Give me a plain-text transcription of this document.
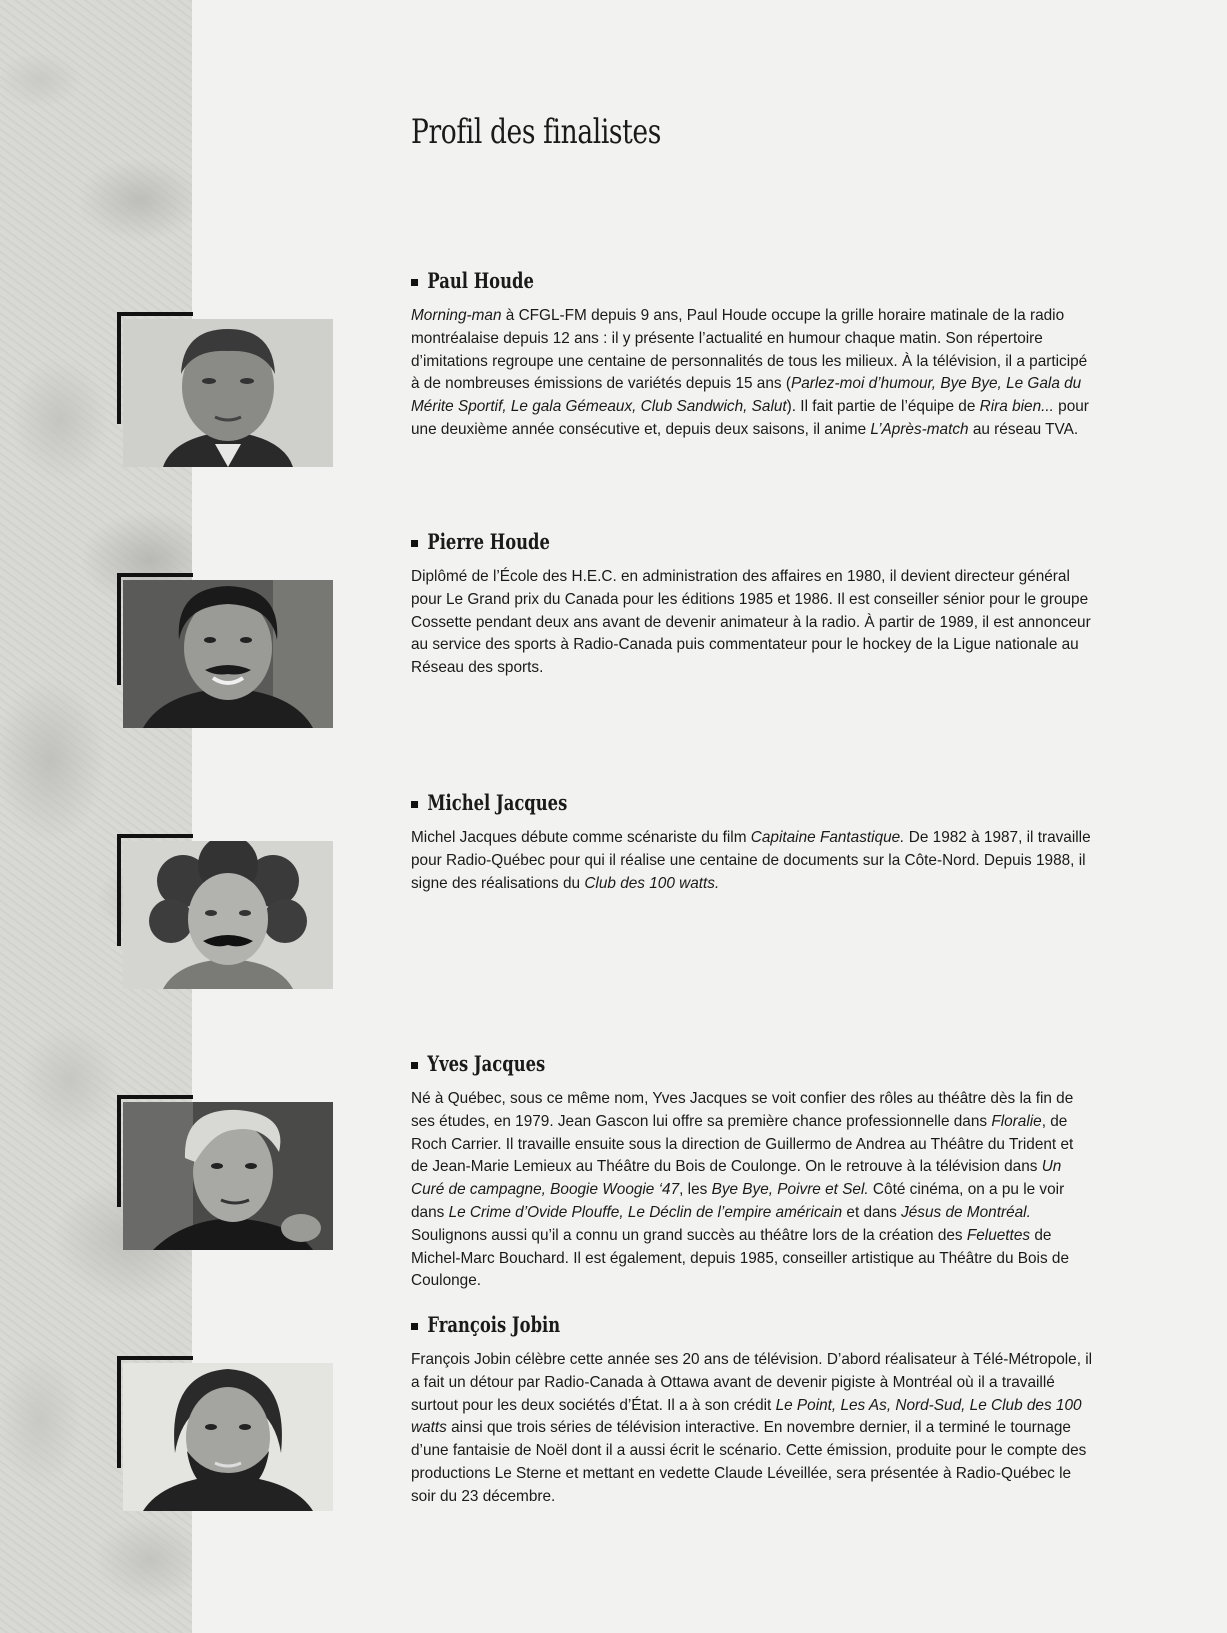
Profil des finalistes
Paul Houde

Morning-man à CFGL-FM depuis 9 ans, Paul Houde occupe la grille horaire matinale de la radio montréalaise depuis 12 ans : il y présente l’actualité en humour chaque matin. Son répertoire d’imitations regroupe une centaine de personnalités de tous les milieux. À la télévision, il a participé à de nombreuses émissions de variétés depuis 15 ans (Parlez-moi d’humour, Bye Bye, Le Gala du Mérite Sportif, Le gala Gémeaux, Club Sandwich, Salut). Il fait partie de l’équipe de Rira bien... pour une deuxième année consécutive et, depuis deux saisons, il anime L’Après-match au réseau TVA.

Pierre Houde

Diplômé de l’École des H.E.C. en administration des affaires en 1980, il devient directeur général pour Le Grand prix du Canada pour les éditions 1985 et 1986. Il est conseiller sénior pour le groupe Cossette pendant deux ans avant de devenir animateur à la radio. À partir de 1989, il est annonceur au service des sports à Radio-Canada puis commentateur pour le hockey de la Ligue nationale au Réseau des sports.

Michel Jacques

Michel Jacques débute comme scénariste du film Capitaine Fantastique. De 1982 à 1987, il travaille pour Radio-Québec pour qui il réalise une centaine de documents sur la Côte-Nord. Depuis 1988, il signe des réalisations du Club des 100 watts.

Yves Jacques

Né à Québec, sous ce même nom, Yves Jacques se voit confier des rôles au théâtre dès la fin de ses études, en 1979. Jean Gascon lui offre sa première chance professionnelle dans Floralie, de Roch Carrier. Il travaille ensuite sous la direction de Guillermo de Andrea au Théâtre du Trident et de Jean-Marie Lemieux au Théâtre du Bois de Coulonge. On le retrouve à la télévision dans Un Curé de campagne, Boogie Woogie ‘47, les Bye Bye, Poivre et Sel. Côté cinéma, on a pu le voir dans Le Crime d’Ovide Plouffe, Le Déclin de l’empire américain et dans Jésus de Montréal. Soulignons aussi qu’il a connu un grand succès au théâtre lors de la création des Feluettes de Michel-Marc Bouchard. Il est également, depuis 1985, conseiller artistique au Théâtre du Bois de Coulonge.

François Jobin

François Jobin célèbre cette année ses 20 ans de télévision. D’abord réalisateur à Télé-Métropole, il a fait un détour par Radio-Canada à Ottawa avant de devenir pigiste à Montréal où il a travaillé surtout pour les deux sociétés d’État. Il a à son crédit Le Point, Les As, Nord-Sud, Le Club des 100 watts ainsi que trois séries de télévision interactive. En novembre dernier, il a terminé le tournage d’une fantaisie de Noël dont il a aussi écrit le scénario. Cette émission, produite pour le compte des productions Le Sterne et mettant en vedette Claude Léveillée, sera présentée à Radio-Québec le soir du 23 décembre.
